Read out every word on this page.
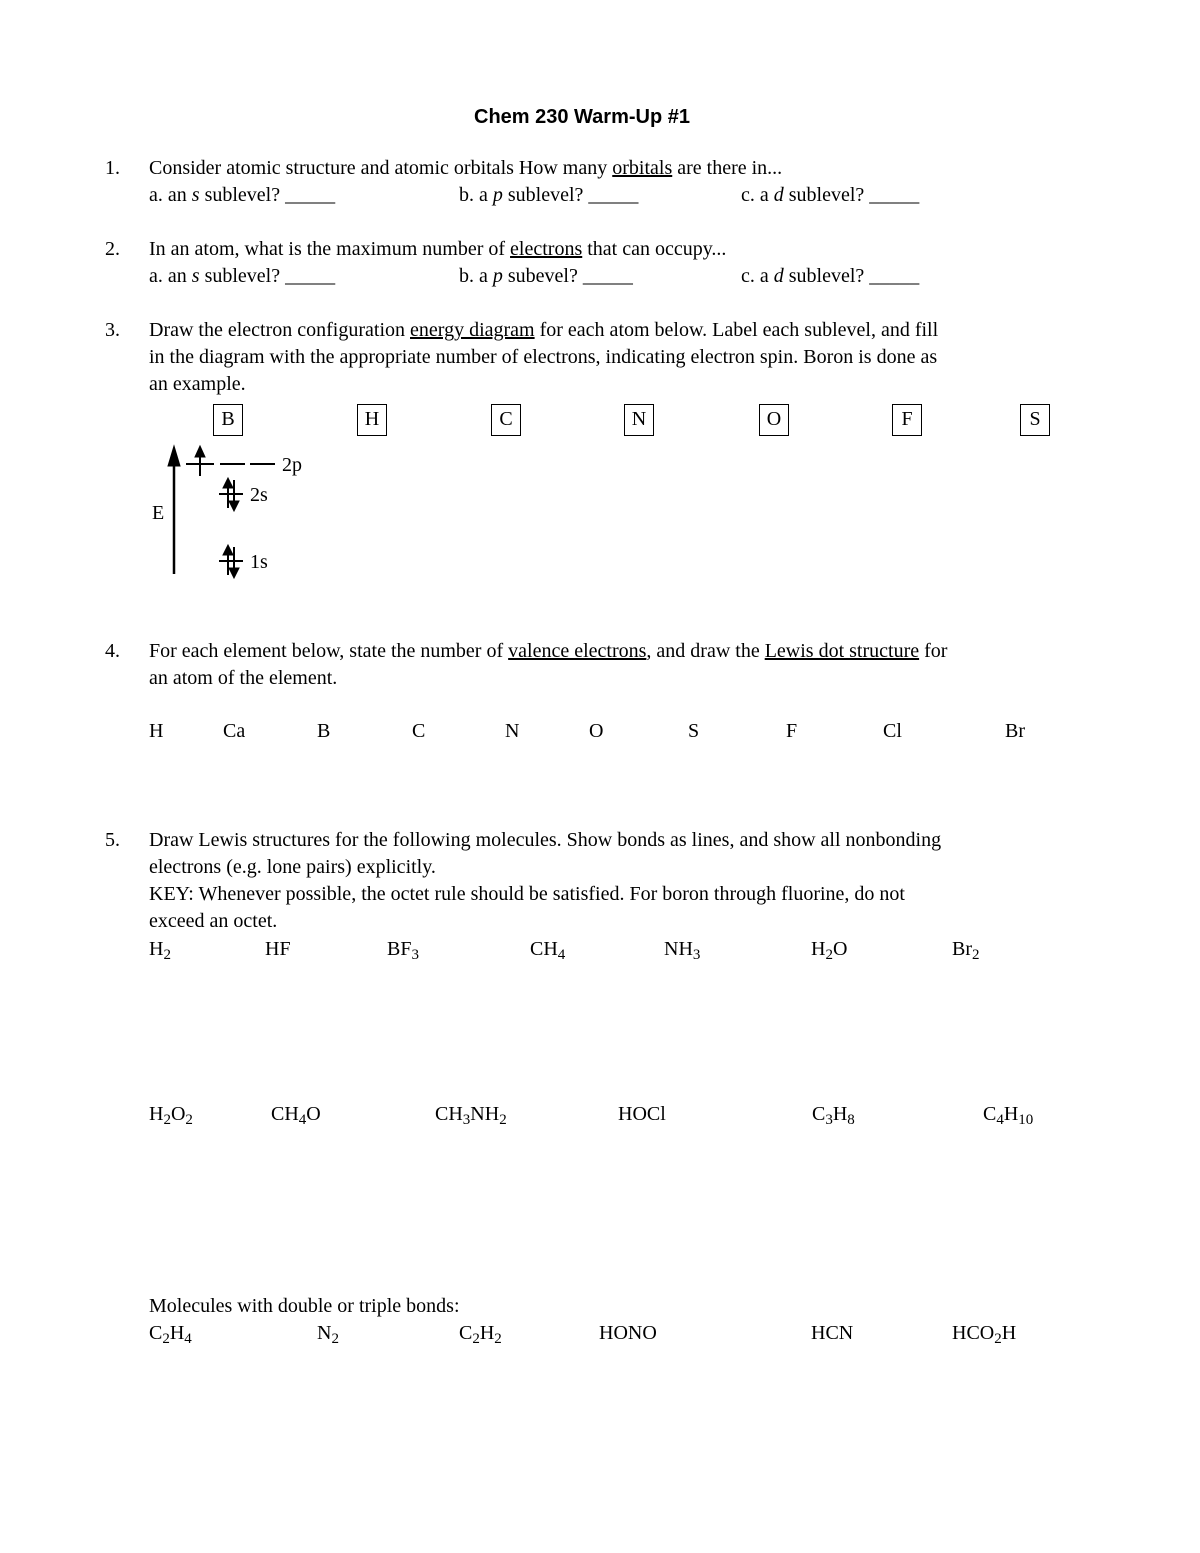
Chem 230 Warm-Up #1
1. Consider atomic structure and atomic orbitals How many orbitals are there in...
a. an s sublevel? _____	b. a p sublevel? _____	c. a d sublevel? _____
2. In an atom, what is the maximum number of electrons that can occupy...
a. an s sublevel? _____	b. a p subevel? _____	c. a d sublevel? _____
3. Draw the electron configuration energy diagram for each atom below. Label each sublevel, and fill
in the diagram with the appropriate number of electrons, indicating electron spin. Boron is done as
an example.
B	H	C	N	O	F	S
E
2p
2s
1s
4. For each element below, state the number of valence electrons, and draw the Lewis dot structure for
an atom of the element.
H	Ca	B	C	N	O	S	F	Cl	Br
5. Draw Lewis structures for the following molecules. Show bonds as lines, and show all nonbonding
electrons (e.g. lone pairs) explicitly.
KEY: Whenever possible, the octet rule should be satisfied. For boron through fluorine, do not
exceed an octet.
$H_2$	HF	$BF_3$	$CH_4$	$NH_3$	$H_2O$	$Br_2$
$H_2O_2$	$CH_4O$	$CH_3NH_2$	HOCl	$C_3H_8$	$C_4H_{10}$
Molecules with double or triple bonds:
$C_2H_4$	$N_2$	$C_2H_2$	HONO	HCN	$HCO_2H$
